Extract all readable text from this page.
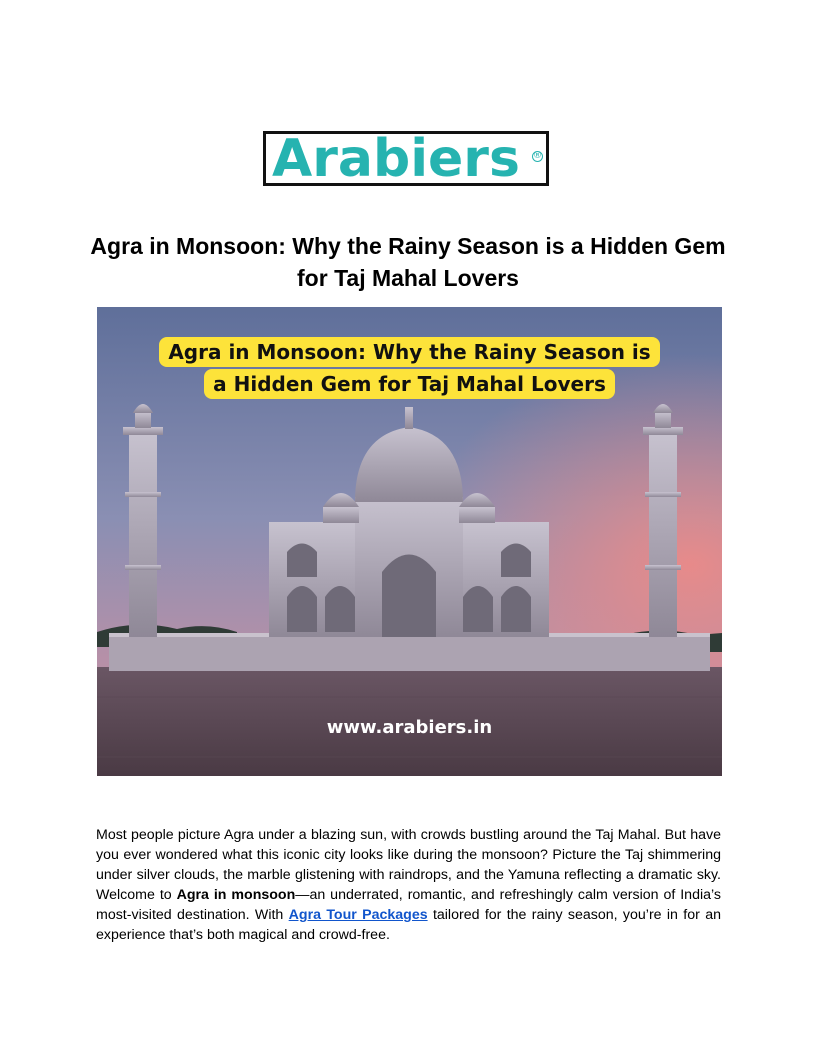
Arabiers ®
Agra in Monsoon: Why the Rainy Season is a Hidden Gem for Taj Mahal Lovers
Agra in Monsoon: Why the Rainy Season is
a Hidden Gem for Taj Mahal Lovers
www.arabiers.in

Most people picture Agra under a blazing sun, with crowds bustling around the Taj Mahal. But have you ever wondered what this iconic city looks like during the monsoon? Picture the Taj shimmering under silver clouds, the marble glistening with raindrops, and the Yamuna reflecting a dramatic sky. Welcome to Agra in monsoon—an underrated, romantic, and refreshingly calm version of India’s most-visited destination. With Agra Tour Packages tailored for the rainy season, you’re in for an experience that’s both magical and crowd-free.
